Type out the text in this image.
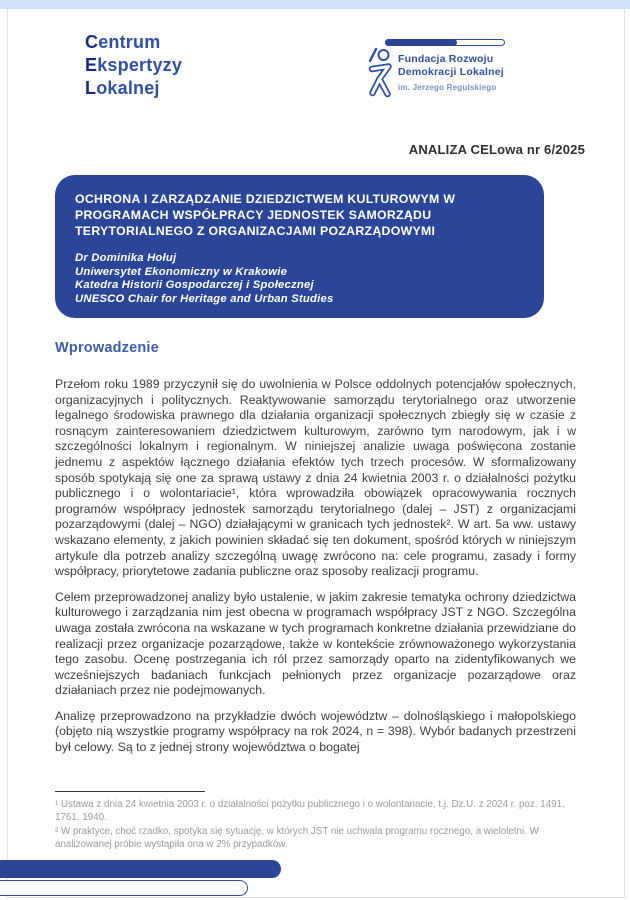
Centrum
Ekspertyzy
Lokalnej
Fundacja Rozwoju
Demokracji Lokalnej
im. Jerzego Regulskiego
ANALIZA CELowa nr 6/2025
OCHRONA I ZARZĄDZANIE DZIEDZICTWEM KULTUROWYM W PROGRAMACH WSPÓŁPRACY JEDNOSTEK SAMORZĄDU TERYTORIALNEGO Z ORGANIZACJAMI POZARZĄDOWYMI
Dr Dominika Hołuj
Uniwersytet Ekonomiczny w Krakowie
Katedra Historii Gospodarczej i Społecznej
UNESCO Chair for Heritage and Urban Studies
Wprowadzenie

Przełom roku 1989 przyczynił się do uwolnienia w Polsce oddolnych potencjałów społecznych, organizacyjnych i politycznych. Reaktywowanie samorządu terytorialnego oraz utworzenie legalnego środowiska prawnego dla działania organizacji społecznych zbiegły się w czasie z rosnącym zainteresowaniem dziedzictwem kulturowym, zarówno tym narodowym, jak i w szczególności lokalnym i regionalnym. W niniejszej analizie uwaga poświęcona zostanie jednemu z aspektów łącznego działania efektów tych trzech procesów. W sformalizowany sposób spotykają się one za sprawą ustawy z dnia 24 kwietnia 2003 r. o działalności pożytku publicznego i o wolontariacie¹, która wprowadziła obowiązek opracowywania rocznych programów współpracy jednostek samorządu terytorialnego (dalej – JST) z organizacjami pozarządowymi (dalej – NGO) działającymi w granicach tych jednostek². W art. 5a ww. ustawy wskazano elementy, z jakich powinien składać się ten dokument, spośród których w niniejszym artykule dla potrzeb analizy szczególną uwagę zwrócono na: cele programu, zasady i formy współpracy, priorytetowe zadania publiczne oraz sposoby realizacji programu.

Celem przeprowadzonej analizy było ustalenie, w jakim zakresie tematyka ochrony dziedzictwa kulturowego i zarządzania nim jest obecna w programach współpracy JST z NGO. Szczególna uwaga została zwrócona na wskazane w tych programach konkretne działania przewidziane do realizacji przez organizacje pozarządowe, także w kontekście zrównoważonego wykorzystania tego zasobu. Ocenę postrzegania ich ról przez samorządy oparto na zidentyfikowanych we wcześniejszych badaniach funkcjach pełnionych przez organizacje pozarządowe oraz działaniach przez nie podejmowanych.

Analizę przeprowadzono na przykładzie dwóch województw – dolnośląskiego i małopolskiego (objęto nią wszystkie programy współpracy na rok 2024, n = 398). Wybór badanych przestrzeni był celowy. Są to z jednej strony województwa o bogatej

¹ Ustawa z dnia 24 kwietnia 2003 r. o działalności pożytku publicznego i o wolontariacie, t.j. Dz.U. z 2024 r. poz. 1491, 1761, 1940.
² W praktyce, choć rzadko, spotyka się sytuację, w których JST nie uchwala programu rocznego, a wieloletni. W analizowanej próbie wystąpiła ona w 2% przypadków.
